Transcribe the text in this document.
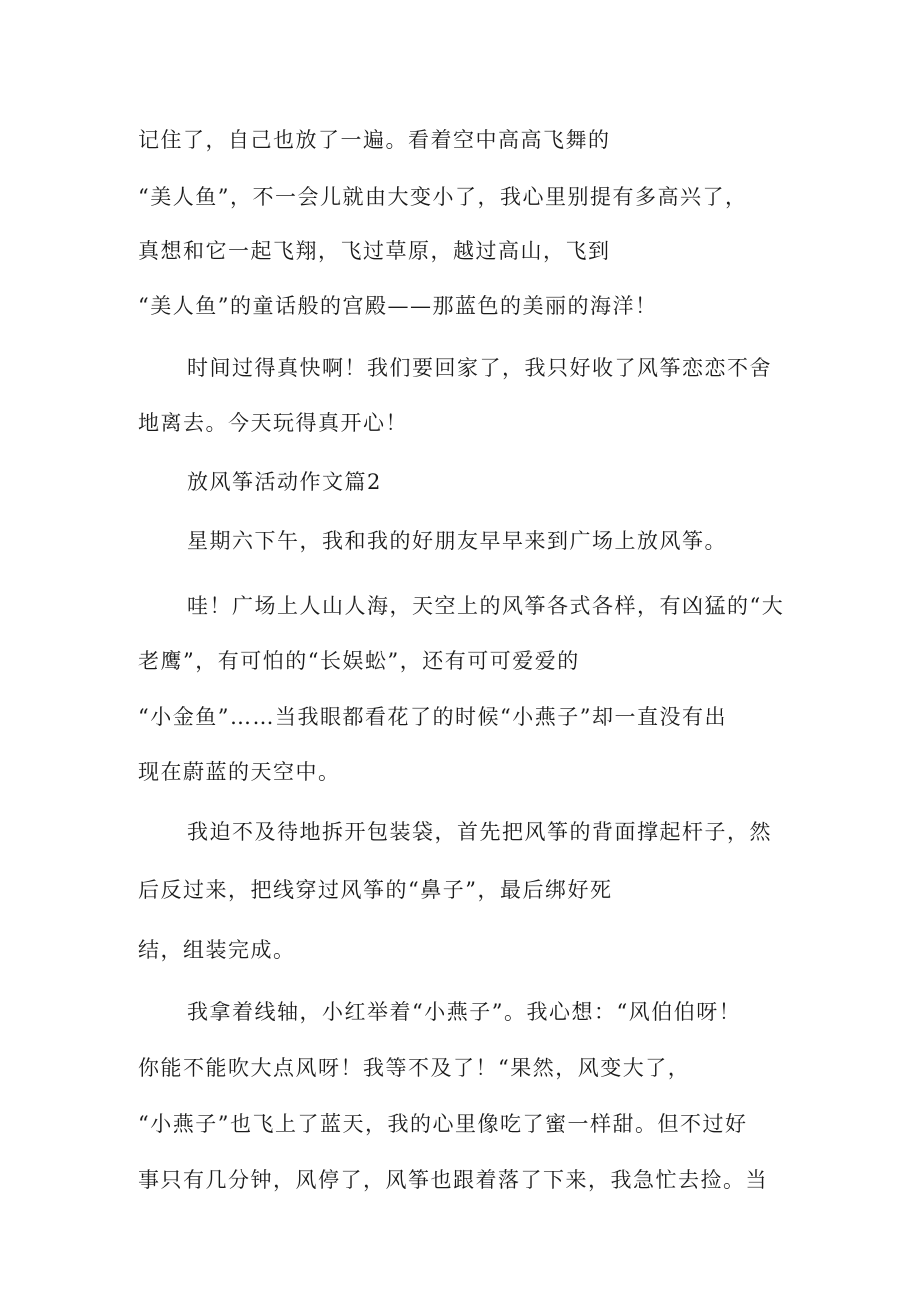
记住了，自己也放了一遍。看着空中高高飞舞的

“美人鱼”，不一会儿就由大变小了，我心里别提有多高兴了，

真想和它一起飞翔，飞过草原，越过高山，飞到

“美人鱼”的童话般的宫殿——那蓝色的美丽的海洋！

时间过得真快啊！我们要回家了，我只好收了风筝恋恋不舍

地离去。今天玩得真开心！

放风筝活动作文篇2

星期六下午，我和我的好朋友早早来到广场上放风筝。

哇！广场上人山人海，天空上的风筝各式各样，有凶猛的“大

老鹰”，有可怕的“长娱蚣”，还有可可爱爱的

“小金鱼”……当我眼都看花了的时候“小燕子”却一直没有出

现在蔚蓝的天空中。

我迫不及待地拆开包装袋，首先把风筝的背面撑起杆子，然

后反过来，把线穿过风筝的“鼻子”，最后绑好死

结，组装完成。

我拿着线轴，小红举着“小燕子”。我心想：“风伯伯呀！

你能不能吹大点风呀！我等不及了！“果然，风变大了，

“小燕子”也飞上了蓝天，我的心里像吃了蜜一样甜。但不过好

事只有几分钟，风停了，风筝也跟着落了下来，我急忙去捡。当
